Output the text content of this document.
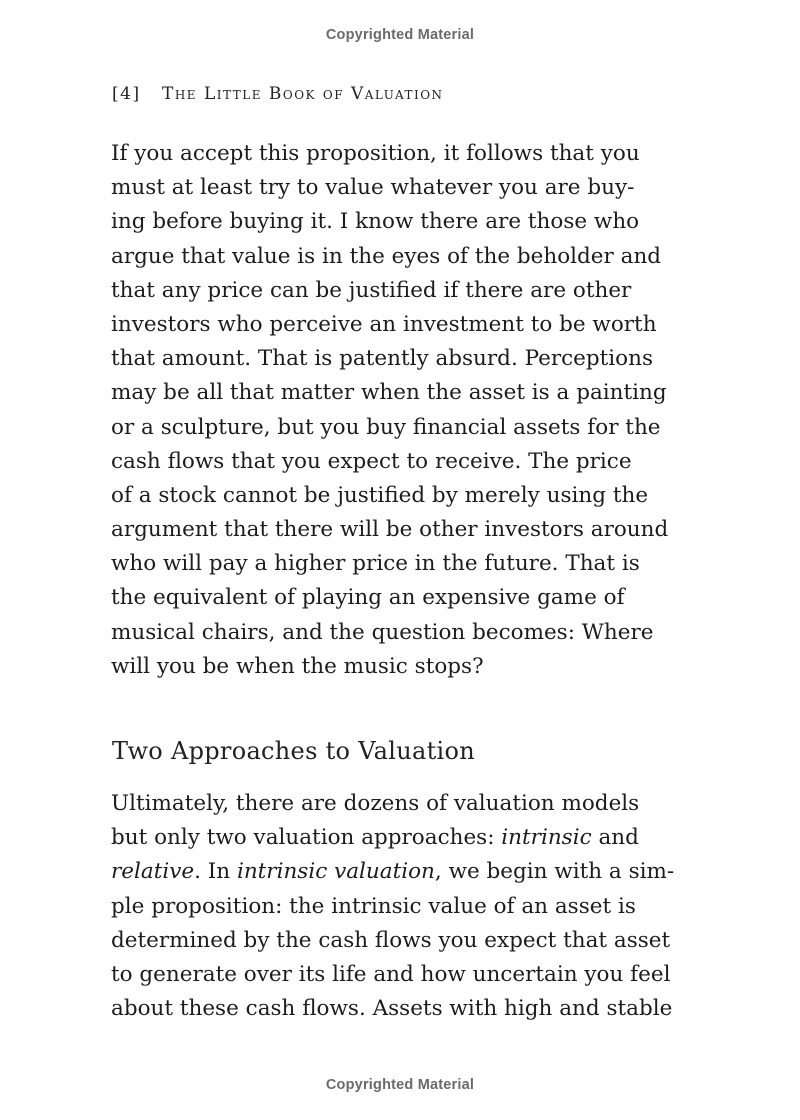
Copyrighted Material
[4] The Little Book of Valuation
If you accept this proposition, it follows that you
must at least try to value whatever you are buy-
ing before buying it. I know there are those who
argue that value is in the eyes of the beholder and
that any price can be justified if there are other
investors who perceive an investment to be worth
that amount. That is patently absurd. Perceptions
may be all that matter when the asset is a painting
or a sculpture, but you buy financial assets for the
cash flows that you expect to receive. The price
of a stock cannot be justified by merely using the
argument that there will be other investors around
who will pay a higher price in the future. That is
the equivalent of playing an expensive game of
musical chairs, and the question becomes: Where
will you be when the music stops?
Two Approaches to Valuation
Ultimately, there are dozens of valuation models
but only two valuation approaches: intrinsic and
relative. In intrinsic valuation, we begin with a sim-
ple proposition: the intrinsic value of an asset is
determined by the cash flows you expect that asset
to generate over its life and how uncertain you feel
about these cash flows. Assets with high and stable
Copyrighted Material
